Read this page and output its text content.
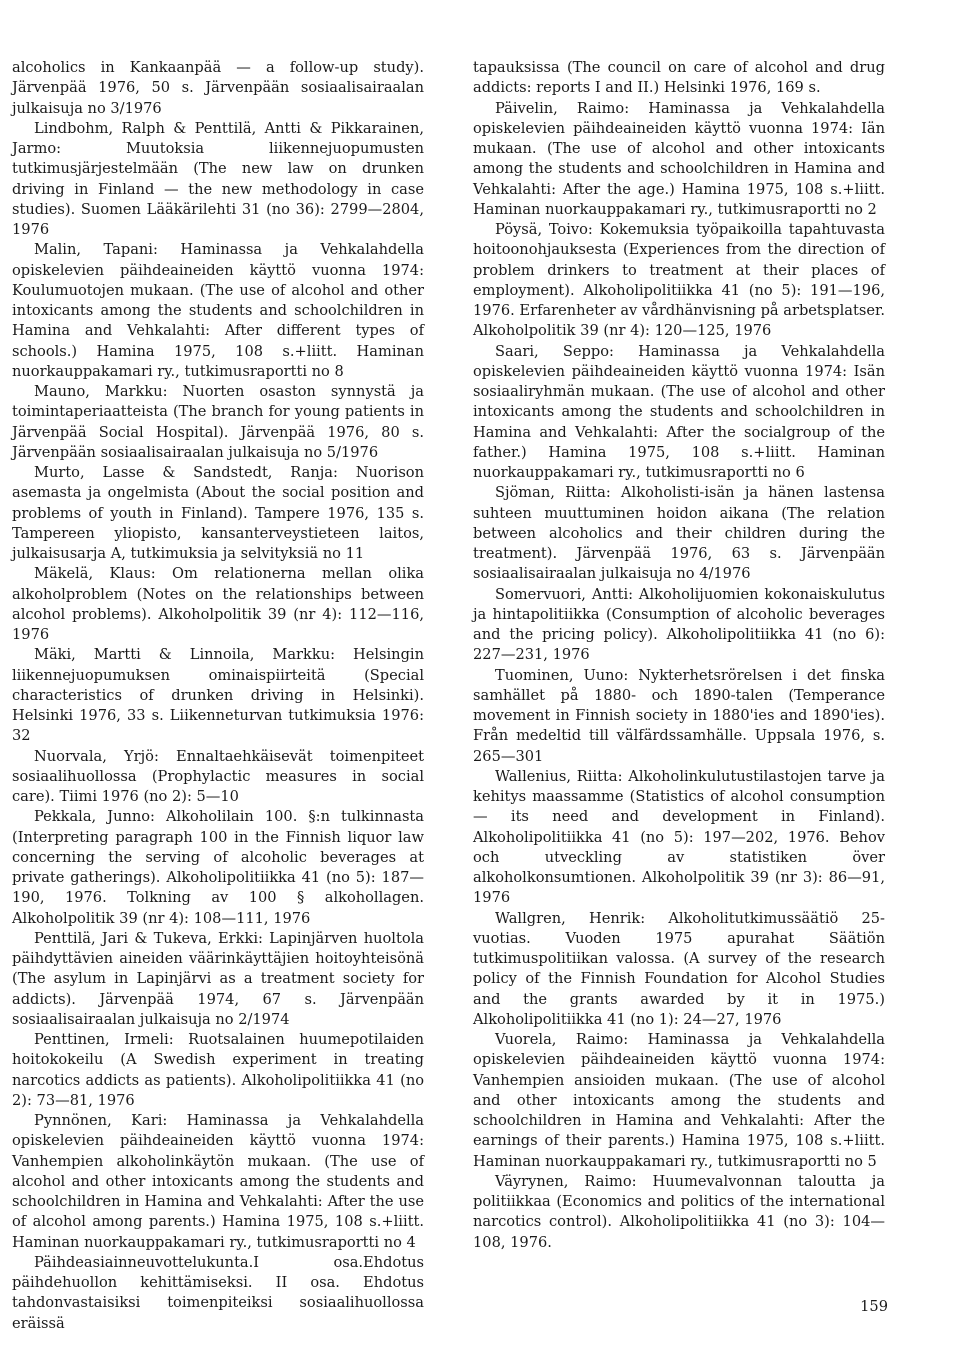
alcoholics in Kankaanpää — a follow-up study). Järvenpää 1976, 50 s. Järvenpään sosiaalisairaalan julkaisuja no 3/1976

Lindbohm, Ralph & Penttilä, Antti & Pikkarainen, Jarmo: Muutoksia liikennejuopumusten tutkimusjärjestelmään (The new law on drunken driving in Finland — the new methodology in case studies). Suomen Lääkärilehti 31 (no 36): 2799—2804, 1976

Malin, Tapani: Haminassa ja Vehkalahdella opiskelevien päihdeaineiden käyttö vuonna 1974: Koulumuotojen mukaan. (The use of alcohol and other intoxicants among the students and schoolchildren in Hamina and Vehkalahti: After different types of schools.) Hamina 1975, 108 s.+liitt. Haminan nuorkauppakamari ry., tutkimusraportti no 8

Mauno, Markku: Nuorten osaston synnystä ja toimintaperiaatteista (The branch for young patients in Järvenpää Social Hospital). Järvenpää 1976, 80 s. Järvenpään sosiaalisairaalan julkaisuja no 5/1976

Murto, Lasse & Sandstedt, Ranja: Nuorison asemasta ja ongelmista (About the social position and problems of youth in Finland). Tampere 1976, 135 s. Tampereen yliopisto, kansanterveystieteen laitos, julkaisusarja A, tutkimuksia ja selvityksiä no 11

Mäkelä, Klaus: Om relationerna mellan olika alkoholproblem (Notes on the relationships between alcohol problems). Alkoholpolitik 39 (nr 4): 112—116, 1976

Mäki, Martti & Linnoila, Markku: Helsingin liikennejuopumuksen ominaispiirteitä (Special characteristics of drunken driving in Helsinki). Helsinki 1976, 33 s. Liikenneturvan tutkimuksia 1976: 32

Nuorvala, Yrjö: Ennaltaehkäisevät toimenpiteet sosiaalihuollossa (Prophylactic measures in social care). Tiimi 1976 (no 2): 5—10

Pekkala, Junno: Alkoholilain 100. §:n tulkinnasta (Interpreting paragraph 100 in the Finnish liquor law concerning the serving of alcoholic beverages at private gatherings). Alkoholipolitiikka 41 (no 5): 187—190, 1976. Tolkning av 100 § alkohollagen. Alkoholpolitik 39 (nr 4): 108—111, 1976

Penttilä, Jari & Tukeva, Erkki: Lapinjärven huoltola päihdyttävien aineiden väärinkäyttäjien hoitoyhteisönä (The asylum in Lapinjärvi as a treatment society for addicts). Järvenpää 1974, 67 s. Järvenpään sosiaalisairaalan julkaisuja no 2/1974

Penttinen, Irmeli: Ruotsalainen huumepotilaiden hoitokokeilu (A Swedish experiment in treating narcotics addicts as patients). Alkoholipolitiikka 41 (no 2): 73—81, 1976

Pynnönen, Kari: Haminassa ja Vehkalahdella opiskelevien päihdeaineiden käyttö vuonna 1974: Vanhempien alkoholinkäytön mukaan. (The use of alcohol and other intoxicants among the students and schoolchildren in Hamina and Vehkalahti: After the use of alcohol among parents.) Hamina 1975, 108 s.+liitt. Haminan nuorkauppakamari ry., tutkimusraportti no 4

Päihdeasiainneuvottelukunta.I osa.Ehdotus päihdehuollon kehittämiseksi. II osa. Ehdotus tahdonvastaisiksi toimenpiteiksi sosiaalihuollossa eräissä

tapauksissa (The council on care of alcohol and drug addicts: reports I and II.) Helsinki 1976, 169 s.

Päivelin, Raimo: Haminassa ja Vehkalahdella opiskelevien päihdeaineiden käyttö vuonna 1974: Iän mukaan. (The use of alcohol and other intoxicants among the students and schoolchildren in Hamina and Vehkalahti: After the age.) Hamina 1975, 108 s.+liitt. Haminan nuorkauppakamari ry., tutkimusraportti no 2

Pöysä, Toivo: Kokemuksia työpaikoilla tapahtuvasta hoitoonohjauksesta (Experiences from the direction of problem drinkers to treatment at their places of employment). Alkoholipolitiikka 41 (no 5): 191—196, 1976. Erfarenheter av vårdhänvisning på arbetsplatser. Alkoholpolitik 39 (nr 4): 120—125, 1976

Saari, Seppo: Haminassa ja Vehkalahdella opiskelevien päihdeaineiden käyttö vuonna 1974: Isän sosiaaliryhmän mukaan. (The use of alcohol and other intoxicants among the students and schoolchildren in Hamina and Vehkalahti: After the socialgroup of the father.) Hamina 1975, 108 s.+liitt. Haminan nuorkauppakamari ry., tutkimusraportti no 6

Sjöman, Riitta: Alkoholisti-isän ja hänen lastensa suhteen muuttuminen hoidon aikana (The relation between alcoholics and their children during the treatment). Järvenpää 1976, 63 s. Järvenpään sosiaalisairaalan julkaisuja no 4/1976

Somervuori, Antti: Alkoholijuomien kokonaiskulutus ja hintapolitiikka (Consumption of alcoholic beverages and the pricing policy). Alkoholipolitiikka 41 (no 6): 227—231, 1976

Tuominen, Uuno: Nykterhetsrörelsen i det finska samhället på 1880- och 1890-talen (Temperance movement in Finnish society in 1880'ies and 1890'ies). Från medeltid till välfärdssamhälle. Uppsala 1976, s. 265—301

Wallenius, Riitta: Alkoholinkulutustilastojen tarve ja kehitys maassamme (Statistics of alcohol consumption — its need and development in Finland). Alkoholipolitiikka 41 (no 5): 197—202, 1976. Behov och utveckling av statistiken över alkoholkonsumtionen. Alkoholpolitik 39 (nr 3): 86—91, 1976

Wallgren, Henrik: Alkoholitutkimussäätiö 25-vuotias. Vuoden 1975 apurahat Säätiön tutkimuspolitiikan valossa. (A survey of the research policy of the Finnish Foundation for Alcohol Studies and the grants awarded by it in 1975.) Alkoholipolitiikka 41 (no 1): 24—27, 1976

Vuorela, Raimo: Haminassa ja Vehkalahdella opiskelevien päihdeaineiden käyttö vuonna 1974: Vanhempien ansioiden mukaan. (The use of alcohol and other intoxicants among the students and schoolchildren in Hamina and Vehkalahti: After the earnings of their parents.) Hamina 1975, 108 s.+liitt. Haminan nuorkauppakamari ry., tutkimusraportti no 5

Väyrynen, Raimo: Huumevalvonnan taloutta ja politiikkaa (Economics and politics of the international narcotics control). Alkoholipolitiikka 41 (no 3): 104—108, 1976.

159
